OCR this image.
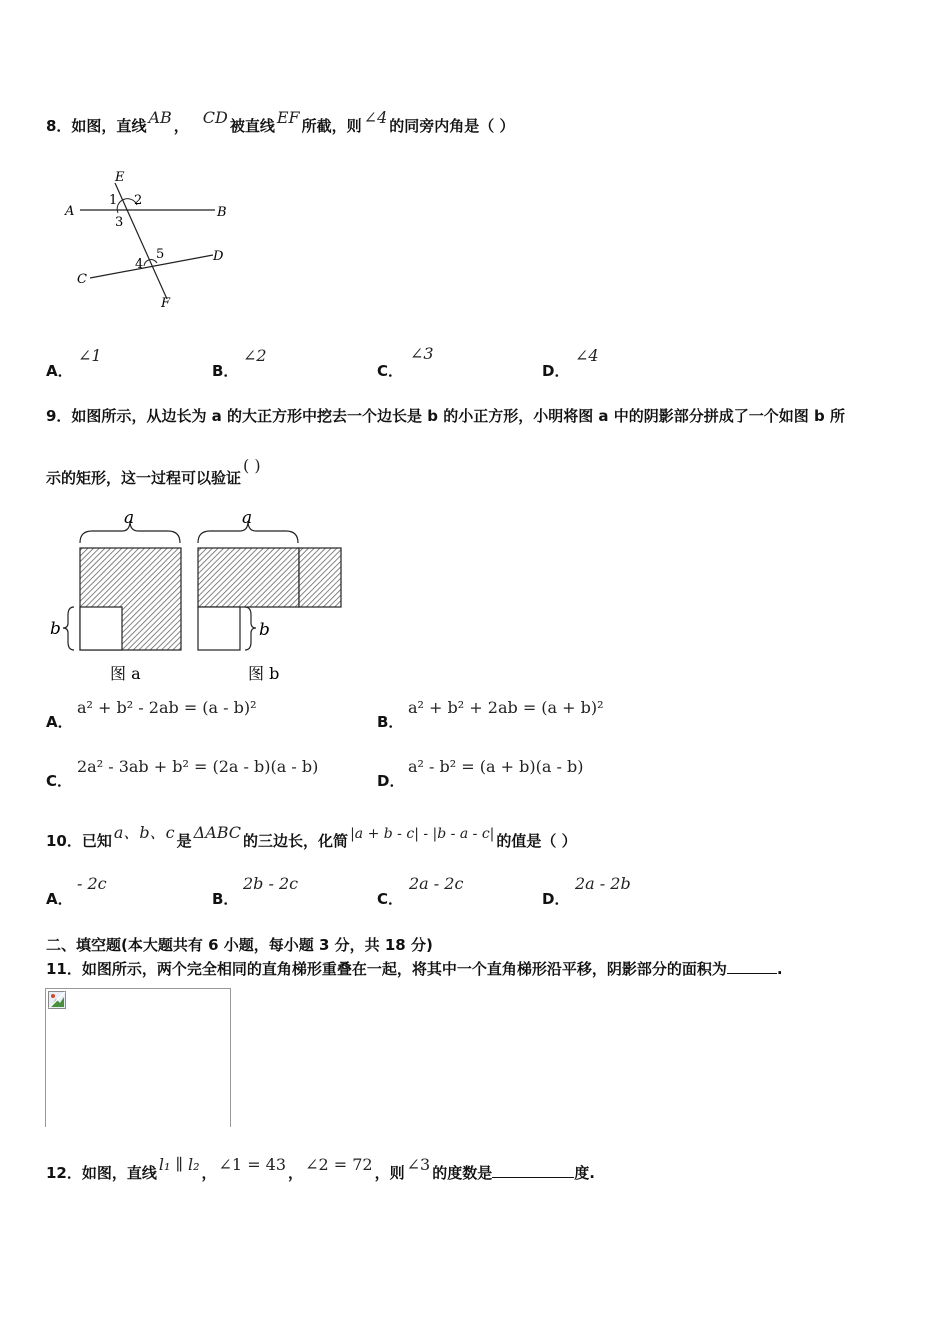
8．如图，直线 AB ， CD 被直线 EF 所截，则 ∠4 的同旁内角是（ ）
E
A	B
C
D
F
1 2
3
4
5
A．
∠1
B．
∠2
C．
∠3
D．
∠4
9．如图所示，从边长为 a 的大正方形中挖去一个边长是 b 的小正方形，小明将图 a 中的阴影部分拼成了一个如图 b 所
示的矩形，这一过程可以验证( )
a
b
图 a
a
b
图 b
A．
a² + b² - 2ab = (a - b)²
B．
a² + b² + 2ab = (a + b)²
C．
2a² - 3ab + b² = (2a - b)(a - b)
D．
a² - b² = (a + b)(a - b)
10．已知 a、b、c 是 ΔABC 的三边长，化简 |a + b - c| - |b - a - c| 的值是（ ）
A．
- 2c
B．
2b - 2c
C．
2a - 2c
D．
2a - 2b
二、填空题(本大题共有 6 小题，每小题 3 分，共 18 分)
11．如图所示，两个完全相同的直角梯形重叠在一起，将其中一个直角梯形沿平移，阴影部分的面积为	.
12．如图，直线 l₁ ∥ l₂ ， ∠1 = 43 ， ∠2 = 72 ，则 ∠3 的度数是	度.
